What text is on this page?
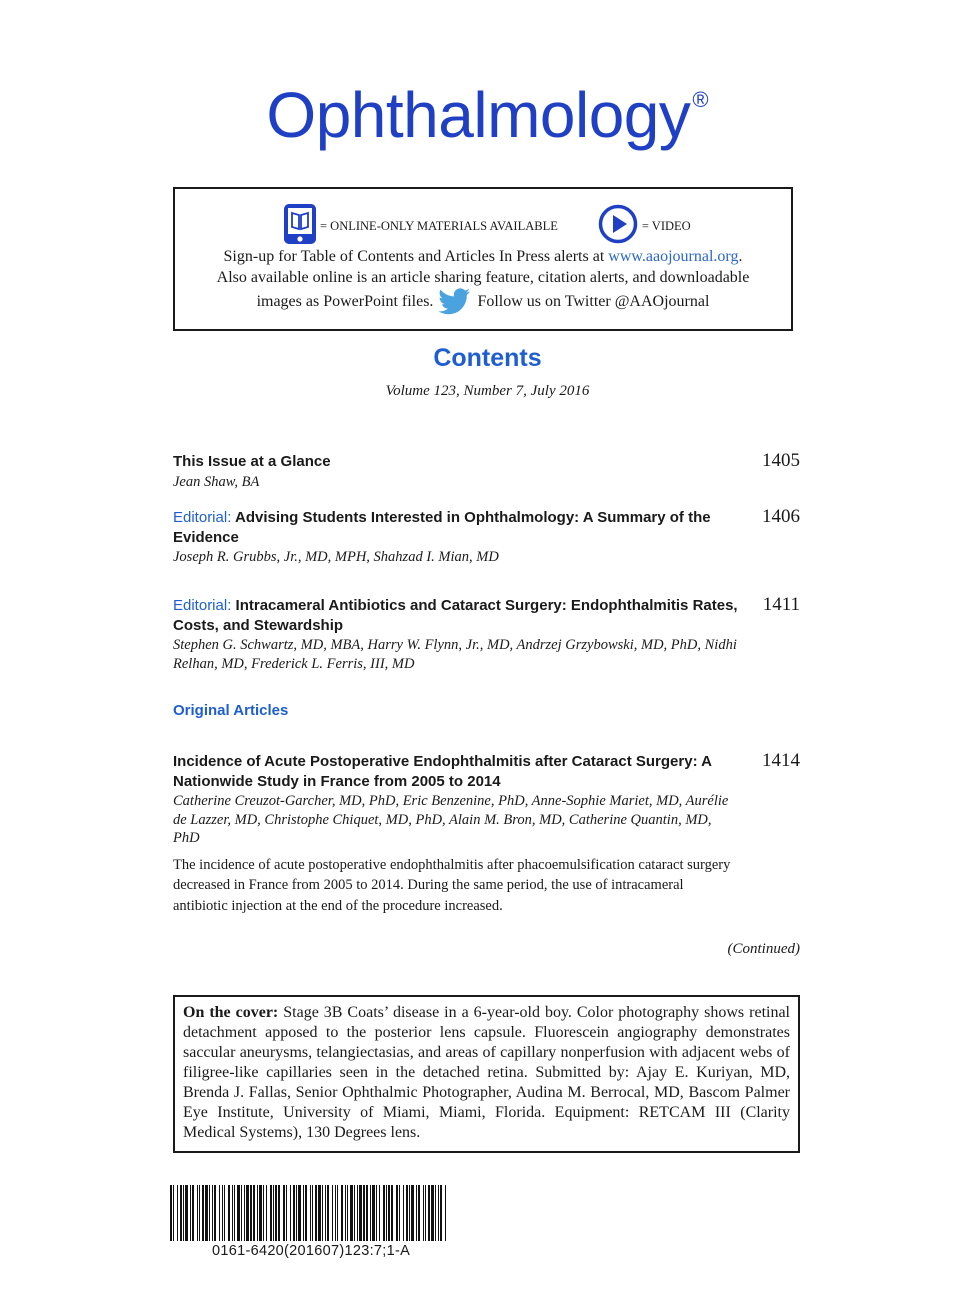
Ophthalmology®
= ONLINE-ONLY MATERIALS AVAILABLE	= VIDEO
Sign-up for Table of Contents and Articles In Press alerts at www.aaojournal.org.
Also available online is an article sharing feature, citation alerts, and downloadable
images as PowerPoint files.	Follow us on Twitter @AAOjournal
Contents
Volume 123, Number 7, July 2016
This Issue at a Glance
Jean Shaw, BA
1405
Editorial: Advising Students Interested in Ophthalmology: A Summary of the Evidence
Joseph R. Grubbs, Jr., MD, MPH, Shahzad I. Mian, MD
1406
Editorial: Intracameral Antibiotics and Cataract Surgery: Endophthalmitis Rates, Costs, and Stewardship
Stephen G. Schwartz, MD, MBA, Harry W. Flynn, Jr., MD, Andrzej Grzybowski, MD, PhD, Nidhi Relhan, MD, Frederick L. Ferris, III, MD
1411
Original Articles
Incidence of Acute Postoperative Endophthalmitis after Cataract Surgery: A Nationwide Study in France from 2005 to 2014
Catherine Creuzot-Garcher, MD, PhD, Eric Benzenine, PhD, Anne-Sophie Mariet, MD, Aurélie de Lazzer, MD, Christophe Chiquet, MD, PhD, Alain M. Bron, MD, Catherine Quantin, MD, PhD
The incidence of acute postoperative endophthalmitis after phacoemulsification cataract surgery decreased in France from 2005 to 2014. During the same period, the use of intracameral antibiotic injection at the end of the procedure increased.
1414
(Continued)
On the cover: Stage 3B Coats’ disease in a 6-year-old boy. Color photography shows retinal detachment apposed to the posterior lens capsule. Fluorescein angiography demonstrates saccular aneurysms, telangiectasias, and areas of capillary nonperfusion with adjacent webs of filigree-like capillaries seen in the detached retina. Submitted by: Ajay E. Kuriyan, MD, Brenda J. Fallas, Senior Ophthalmic Photographer, Audina M. Berrocal, MD, Bascom Palmer Eye Institute, University of Miami, Miami, Florida. Equipment: RETCAM III (Clarity Medical Systems), 130 Degrees lens.
0161-6420(201607)123:7;1-A
